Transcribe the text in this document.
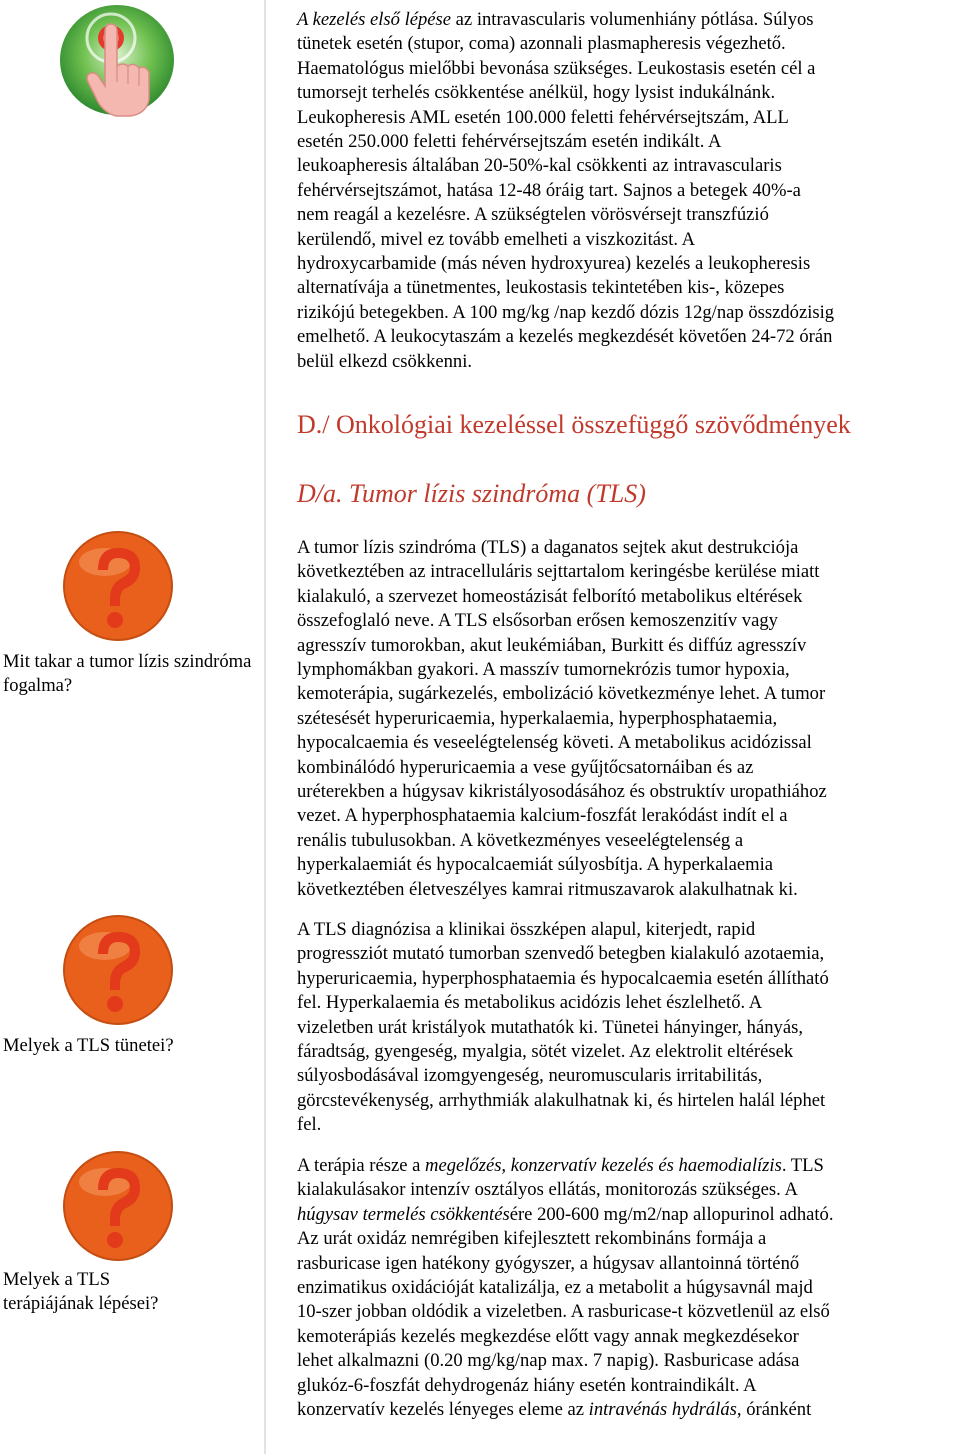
A kezelés első lépése az intravascularis volumenhiány pótlása. Súlyos
tünetek esetén (stupor, coma) azonnali plasmapheresis végezhető.
Haematológus mielőbbi bevonása szükséges. Leukostasis esetén cél a
tumorsejt terhelés csökkentése anélkül, hogy lysist indukálnánk.
Leukopheresis AML esetén 100.000 feletti fehérvérsejtszám, ALL
esetén 250.000 feletti fehérvérsejtszám esetén indikált. A
leukoapheresis általában 20-50%-kal csökkenti az intravascularis
fehérvérsejtszámot, hatása 12-48 óráig tart. Sajnos a betegek 40%-a
nem reagál a kezelésre. A szükségtelen vörösvérsejt transzfúzió
kerülendő, mivel ez tovább emelheti a viszkozitást. A
hydroxycarbamide (más néven hydroxyurea) kezelés a leukopheresis
alternatívája a tünetmentes, leukostasis tekintetében kis-, közepes
rizikójú betegekben. A 100 mg/kg /nap kezdő dózis 12g/nap összdózisig
emelhető. A leukocytaszám a kezelés megkezdését követően 24-72 órán
belül elkezd csökkenni.
D./ Onkológiai kezeléssel összefüggő szövődmények
D/a. Tumor lízis szindróma (TLS)

Mit takar a tumor lízis szindróma fogalma?

Melyek a TLS tünetei?

Melyek a TLS terápiájának lépései?

A tumor lízis szindróma (TLS) a daganatos sejtek akut destrukciója
következtében az intracelluláris sejttartalom keringésbe kerülése miatt
kialakuló, a szervezet homeostázisát felborító metabolikus eltérések
összefoglaló neve. A TLS elsősorban erősen kemoszenzitív vagy
agresszív tumorokban, akut leukémiában, Burkitt és diffúz agresszív
lymphomákban gyakori. A masszív tumornekrózis tumor hypoxia,
kemoterápia, sugárkezelés, embolizáció következménye lehet. A tumor
szétesését hyperuricaemia, hyperkalaemia, hyperphosphataemia,
hypocalcaemia és veseelégtelenség követi. A metabolikus acidózissal
kombinálódó hyperuricaemia a vese gyűjtőcsatornáiban és az
uréterekben a húgysav kikristályosodásához és obstruktív uropathiához
vezet. A hyperphosphataemia kalcium-foszfát lerakódást indít el a
renális tubulusokban. A következményes veseelégtelenség a
hyperkalaemiát és hypocalcaemiát súlyosbítja. A hyperkalaemia
következtében életveszélyes kamrai ritmuszavarok alakulhatnak ki.
A TLS diagnózisa a klinikai összképen alapul, kiterjedt, rapid
progressziót mutató tumorban szenvedő betegben kialakuló azotaemia,
hyperuricaemia, hyperphosphataemia és hypocalcaemia esetén állítható
fel. Hyperkalaemia és metabolikus acidózis lehet észlelhető. A
vizeletben urát kristályok mutathatók ki. Tünetei hányinger, hányás,
fáradtság, gyengeség, myalgia, sötét vizelet. Az elektrolit eltérések
súlyosbodásával izomgyengeség, neuromuscularis irritabilitás,
görcstevékenység, arrhythmiák alakulhatnak ki, és hirtelen halál léphet
fel.
A terápia része a megelőzés, konzervatív kezelés és haemodialízis. TLS
kialakulásakor intenzív osztályos ellátás, monitorozás szükséges. A
húgysav termelés csökkentésére 200-600 mg/m2/nap allopurinol adható.
Az urát oxidáz nemrégiben kifejlesztett rekombináns formája a
rasburicase igen hatékony gyógyszer, a húgysav allantoinná történő
enzimatikus oxidációját katalizálja, ez a metabolit a húgysavnál majd
10-szer jobban oldódik a vizeletben. A rasburicase-t közvetlenül az első
kemoterápiás kezelés megkezdése előtt vagy annak megkezdésekor
lehet alkalmazni (0.20 mg/kg/nap max. 7 napig). Rasburicase adása
glukóz-6-foszfát dehydrogenáz hiány esetén kontraindikált. A
konzervatív kezelés lényeges eleme az intravénás hydrálás, óránként
